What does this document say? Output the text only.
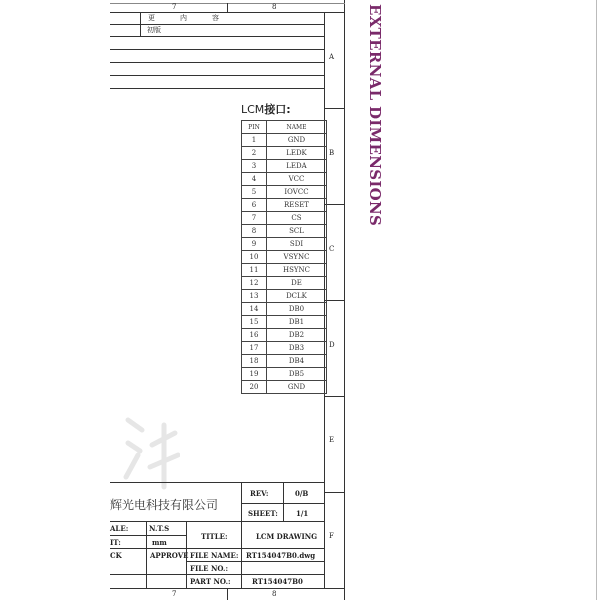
7	8
7	8
更	内	容
初版
A
B
C
D
E
F
LCM接口:
PIN	NAME
1	GND
2	LEDK
3	LEDA
4	VCC
5	IOVCC
6	RESET
7	CS
8	SCL
9	SDI
10	VSYNC
11	HSYNC
12	DE
13	DCLK
14	DB0
15	DB1
16	DB2
17	DB3
18	DB4
19	DB5
20	GND
EXTERNAL DIMENSIONS
辉光电科技有限公司
REV:	0/B
SHEET:	1/1
ALE:	N.T.S
IT:	mm
TITLE:	LCM DRAWING
CK	APPROVE FILE NAME: RT154047B0.dwg
FILE NO.:
PART NO.:	RT154047B0
